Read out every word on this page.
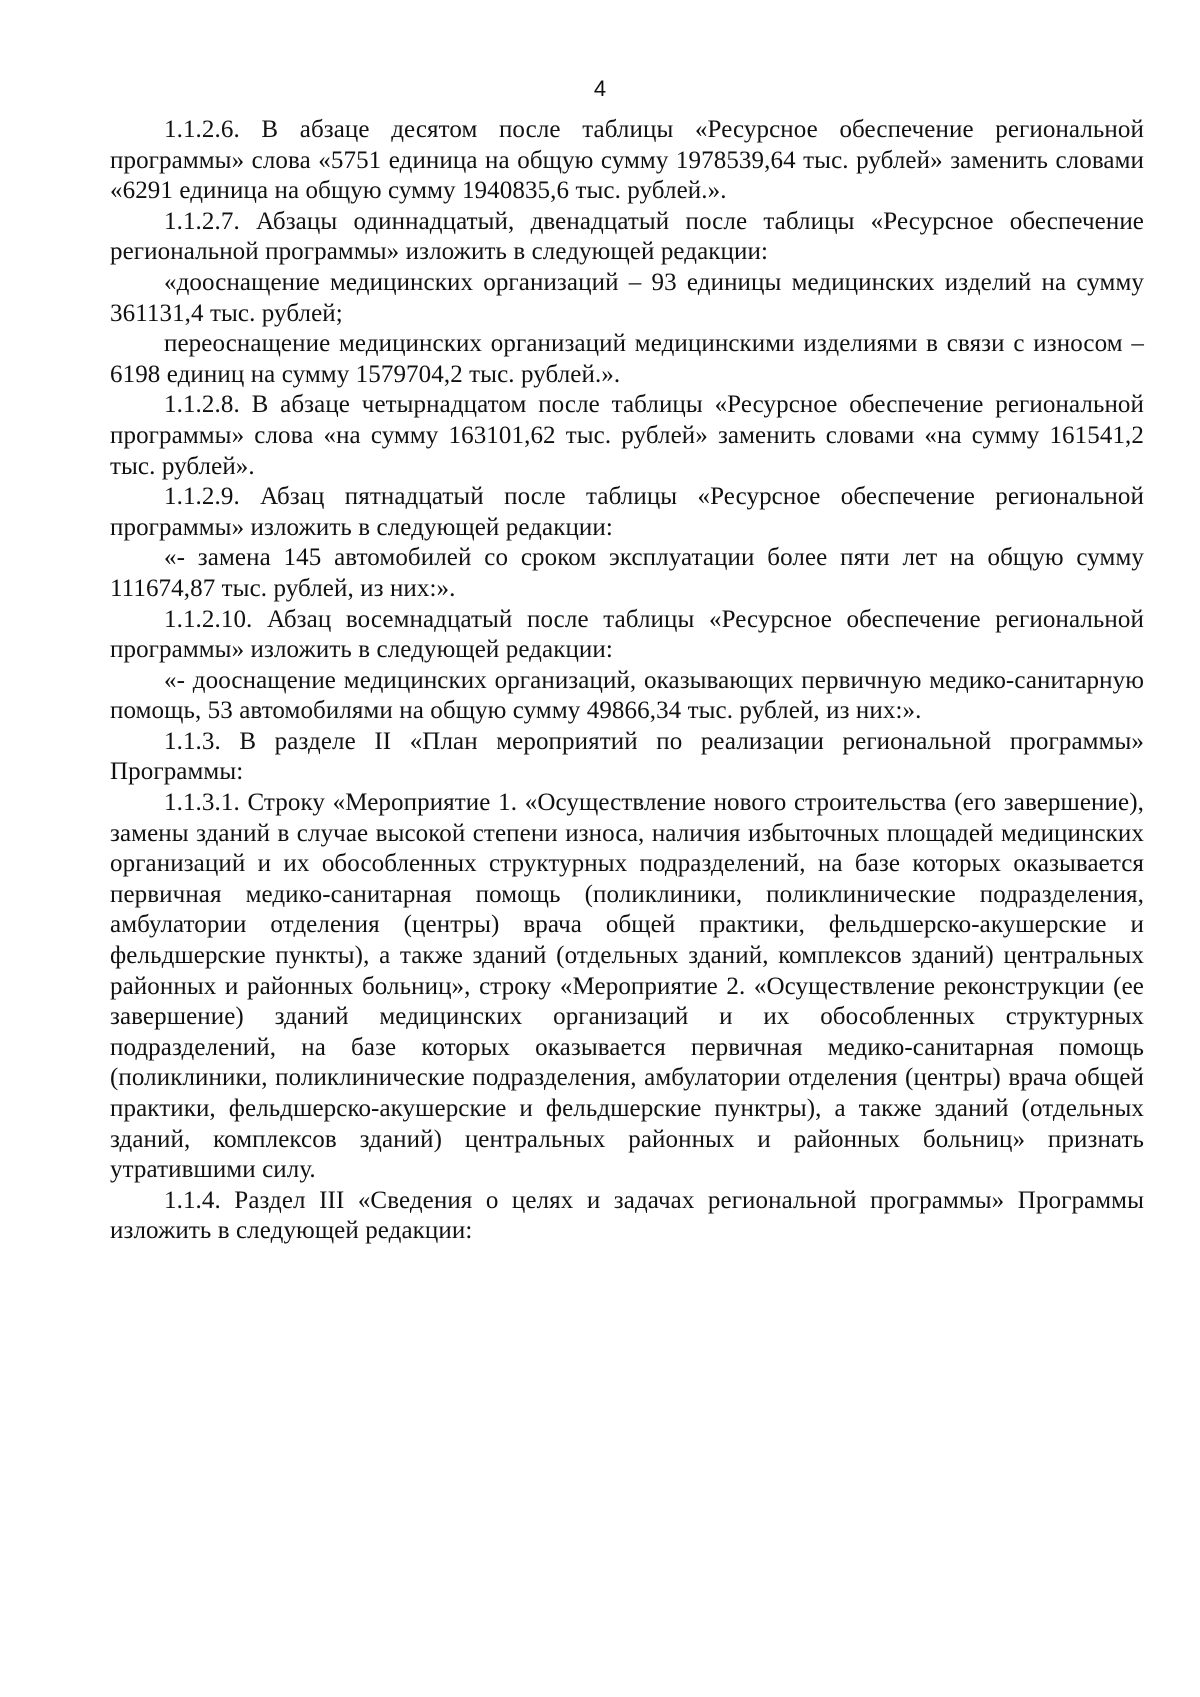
4

1.1.2.6. В абзаце десятом после таблицы «Ресурсное обеспечение региональной программы» слова «5751 единица на общую сумму 1978539,64 тыс. рублей» заменить словами «6291 единица на общую сумму 1940835,6 тыс. рублей.».

1.1.2.7. Абзацы одиннадцатый, двенадцатый после таблицы «Ресурсное обеспечение региональной программы» изложить в следующей редакции:

«дооснащение медицинских организаций – 93 единицы медицинских изделий на сумму 361131,4 тыс. рублей;

переоснащение медицинских организаций медицинскими изделиями в связи с износом – 6198 единиц на сумму 1579704,2 тыс. рублей.».

1.1.2.8. В абзаце четырнадцатом после таблицы «Ресурсное обеспечение региональной программы» слова «на сумму 163101,62 тыс. рублей» заменить словами «на сумму 161541,2 тыс. рублей».

1.1.2.9. Абзац пятнадцатый после таблицы «Ресурсное обеспечение региональной программы» изложить в следующей редакции:

«- замена 145 автомобилей со сроком эксплуатации более пяти лет на общую сумму 111674,87 тыс. рублей, из них:».

1.1.2.10. Абзац восемнадцатый после таблицы «Ресурсное обеспечение региональной программы» изложить в следующей редакции:

«- дооснащение медицинских организаций, оказывающих первичную медико-санитарную помощь, 53 автомобилями на общую сумму 49866,34 тыс. рублей, из них:».

1.1.3. В разделе II «План мероприятий по реализации региональной программы» Программы:

1.1.3.1. Строку «Мероприятие 1. «Осуществление нового строительства (его завершение), замены зданий в случае высокой степени износа, наличия избыточных площадей медицинских организаций и их обособленных структурных подразделений, на базе которых оказывается первичная медико-санитарная помощь (поликлиники, поликлинические подразделения, амбулатории отделения (центры) врача общей практики, фельдшерско-акушерские и фельдшерские пункты), а также зданий (отдельных зданий, комплексов зданий) центральных районных и районных больниц», строку «Мероприятие 2. «Осуществление реконструкции (ее завершение) зданий медицинских организаций и их обособленных структурных подразделений, на базе которых оказывается первичная медико-санитарная помощь (поликлиники, поликлинические подразделения, амбулатории отделения (центры) врача общей практики, фельдшерско-акушерские и фельдшерские пунктры), а также зданий (отдельных зданий, комплексов зданий) центральных районных и районных больниц» признать утратившими силу.

1.1.4. Раздел III «Сведения о целях и задачах региональной программы» Программы изложить в следующей редакции:
